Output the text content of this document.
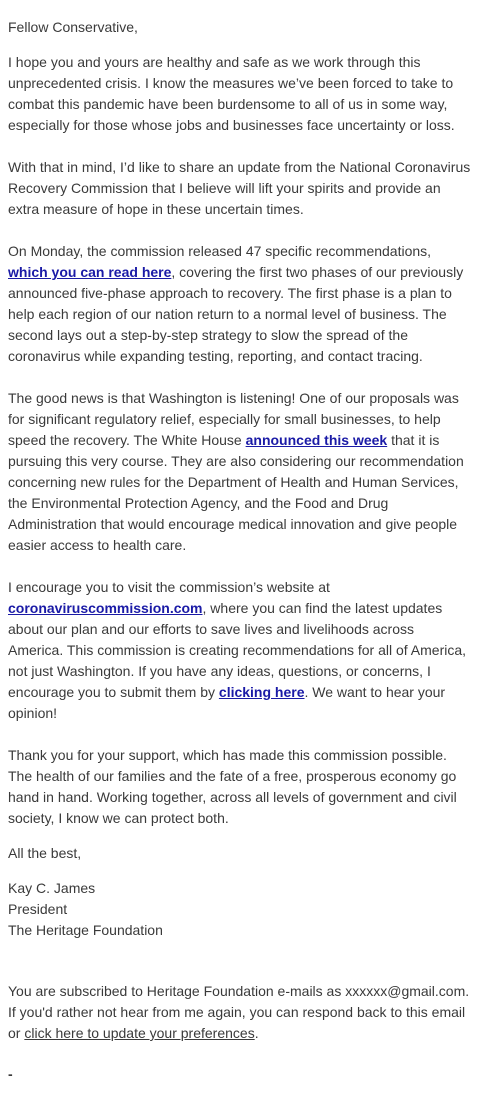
Fellow Conservative,

I hope you and yours are healthy and safe as we work through this unprecedented crisis. I know the measures we’ve been forced to take to combat this pandemic have been burdensome to all of us in some way, especially for those whose jobs and businesses face uncertainty or loss.

With that in mind, I’d like to share an update from the National Coronavirus Recovery Commission that I believe will lift your spirits and provide an extra measure of hope in these uncertain times.

On Monday, the commission released 47 specific recommendations, which you can read here, covering the first two phases of our previously announced five-phase approach to recovery. The first phase is a plan to help each region of our nation return to a normal level of business. The second lays out a step-by-step strategy to slow the spread of the coronavirus while expanding testing, reporting, and contact tracing.

The good news is that Washington is listening! One of our proposals was for significant regulatory relief, especially for small businesses, to help speed the recovery. The White House announced this week that it is pursuing this very course. They are also considering our recommendation concerning new rules for the Department of Health and Human Services, the Environmental Protection Agency, and the Food and Drug Administration that would encourage medical innovation and give people easier access to health care.

I encourage you to visit the commission’s website at coronaviruscommission.com, where you can find the latest updates about our plan and our efforts to save lives and livelihoods across America. This commission is creating recommendations for all of America, not just Washington. If you have any ideas, questions, or concerns, I encourage you to submit them by clicking here. We want to hear your opinion!

Thank you for your support, which has made this commission possible. The health of our families and the fate of a free, prosperous economy go hand in hand. Working together, across all levels of government and civil society, I know we can protect both.

All the best,

Kay C. James
President
The Heritage Foundation

You are subscribed to Heritage Foundation e-mails as xxxxxx@gmail.com. If you'd rather not hear from me again, you can respond back to this email or click here to update your preferences.

-
